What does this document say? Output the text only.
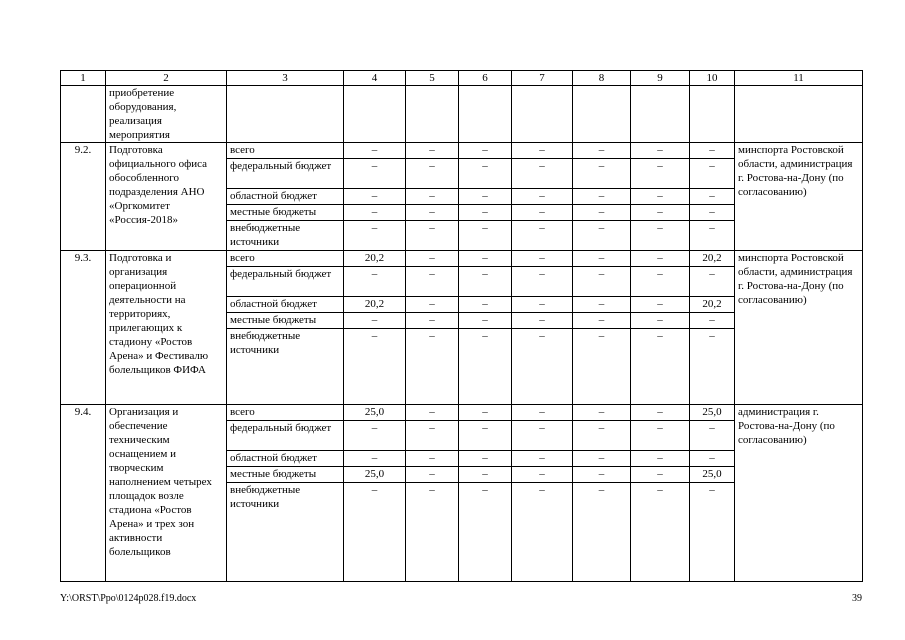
1	2	3	4	5	6	7	8	9	10	11
	приобретение оборудования, реализация мероприятия									
9.2.	Подготовка официального офиса обособленного подразделения АНО «Оргкомитет «Россия-2018»	всего	–	–	–	–	–	–	–	минспорта Ростовской области, администрация г. Ростова-на-Дону (по согласованию)
		федеральный бюджет	–	–	–	–	–	–	–	
		областной бюджет	–	–	–	–	–	–	–	
		местные бюджеты	–	–	–	–	–	–	–	
		внебюджетные источники	–	–	–	–	–	–	–	
9.3.	Подготовка и организация операционной деятельности на территориях, прилегающих к стадиону «Ростов Арена» и Фестивалю болельщиков ФИФА	всего	20,2	–	–	–	–	–	20,2	минспорта Ростовской области, администрация г. Ростова-на-Дону (по согласованию)
		федеральный бюджет	–	–	–	–	–	–	–	
		областной бюджет	20,2	–	–	–	–	–	20,2	
		местные бюджеты	–	–	–	–	–	–	–	
		внебюджетные источники	–	–	–	–	–	–	–	
9.4.	Организация и обеспечение техническим оснащением и творческим наполнением четырех площадок возле стадиона «Ростов Арена» и трех зон активности болельщиков	всего	25,0	–	–	–	–	–	25,0	администрация г. Ростова-на-Дону (по согласованию)
		федеральный бюджет	–	–	–	–	–	–	–	
		областной бюджет	–	–	–	–	–	–	–	
		местные бюджеты	25,0	–	–	–	–	–	25,0	
		внебюджетные источники	–	–	–	–	–	–	–	
Y:\ORST\Ppo\0124p028.f19.docx	39
